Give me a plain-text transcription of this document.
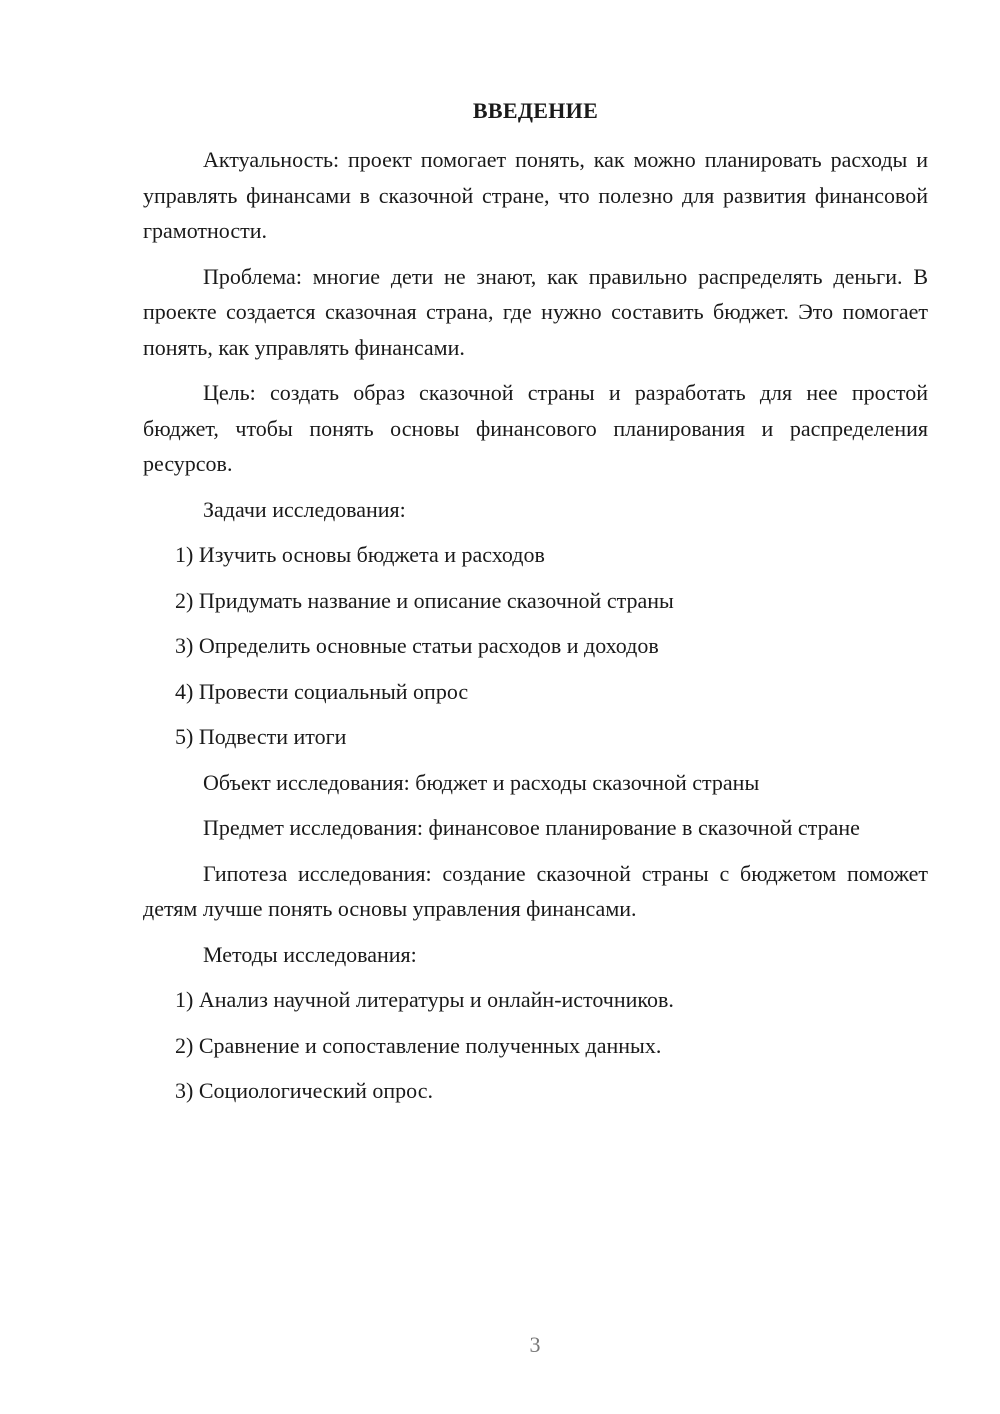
ВВЕДЕНИЕ

Актуальность: проект помогает понять, как можно планировать расходы и управлять финансами в сказочной стране, что полезно для развития финансовой грамотности.

Проблема: многие дети не знают, как правильно распределять деньги. В проекте создается сказочная страна, где нужно составить бюджет. Это помогает понять, как управлять финансами.

Цель: создать образ сказочной страны и разработать для нее простой бюджет, чтобы понять основы финансового планирования и распределения ресурсов.

Задачи исследования:

1) Изучить основы бюджета и расходов

2) Придумать название и описание сказочной страны

3) Определить основные статьи расходов и доходов

4) Провести социальный опрос

5) Подвести итоги

Объект исследования: бюджет и расходы сказочной страны

Предмет исследования: финансовое планирование в сказочной стране

Гипотеза исследования: создание сказочной страны с бюджетом поможет детям лучше понять основы управления финансами.

Методы исследования:

1) Анализ научной литературы и онлайн-источников.

2) Сравнение и сопоставление полученных данных.

3) Социологический опрос.

3
